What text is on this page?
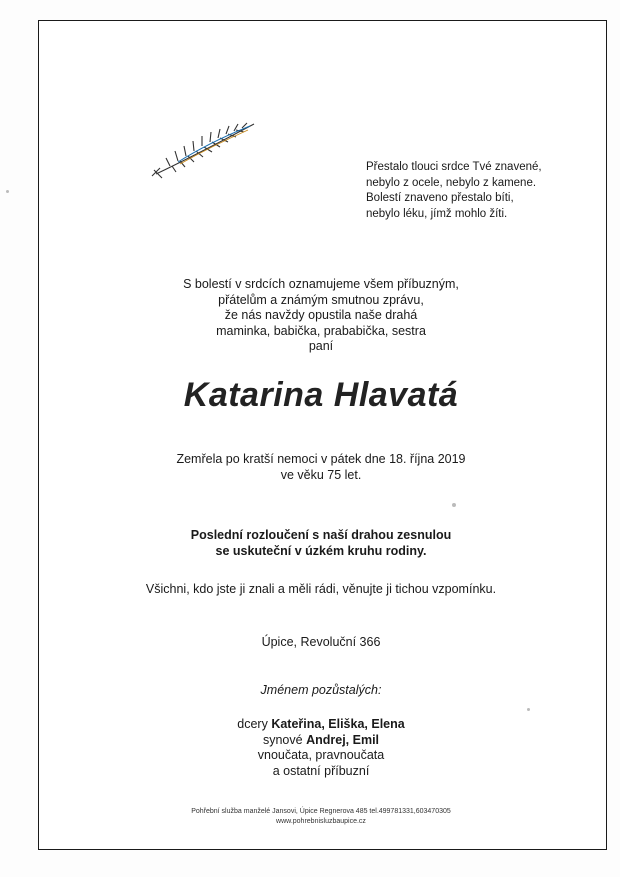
Přestalo tlouci srdce Tvé znavené,
nebylo z ocele, nebylo z kamene.
Bolestí znaveno přestalo bíti,
nebylo léku, jímž mohlo žíti.
S bolestí v srdcích oznamujeme všem příbuzným,
přátelům a známým smutnou zprávu,
že nás navždy opustila naše drahá
maminka, babička, prababička, sestra
paní
Katarina Hlavatá
Zemřela po kratší nemoci v pátek dne 18. října 2019
ve věku 75 let.
Poslední rozloučení s naší drahou zesnulou
se uskuteční v úzkém kruhu rodiny.
Všichni, kdo jste ji znali a měli rádi, věnujte ji tichou vzpomínku.
Úpice, Revoluční 366
Jménem pozůstalých:
dcery Kateřina, Eliška, Elena
synové Andrej, Emil
vnoučata, pravnoučata
a ostatní příbuzní
Pohřební služba manželé Jansovi, Úpice Regnerova 485 tel.499781331,603470305
www.pohrebnisluzbaupice.cz
